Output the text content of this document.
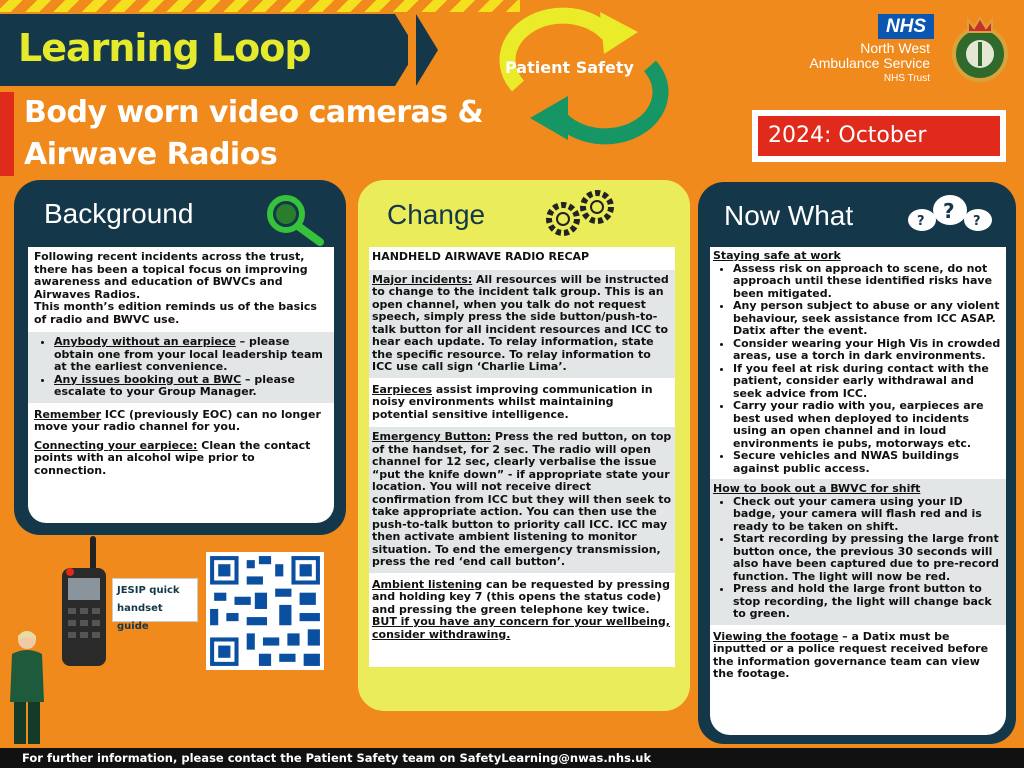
Learning Loop
Body worn video cameras &
Airwave Radios
Patient Safety
NHS
North West
Ambulance Service
NHS Trust
2024: October
Background

Following recent incidents across the trust, there has been a topical focus on improving awareness and education of BWVCs and Airwaves Radios.
This month’s edition reminds us of the basics of radio and BWVC use.

• Anybody without an earpiece – please obtain one from your local leadership team at the earliest convenience.
• Any issues booking out a BWC – please escalate to your Group Manager.

Remember ICC (previously EOC) can no longer move your radio channel for you.

Connecting your earpiece: Clean the contact points with an alcohol wipe prior to connection.

Change

HANDHELD AIRWAVE RADIO RECAP

Major incidents: All resources will be instructed to change to the incident talk group. This is an open channel, when you talk do not request speech, simply press the side button/push-to-talk button for all incident resources and ICC to hear each update. To relay information, state the specific resource. To relay information to ICC use call sign ‘Charlie Lima’.

Earpieces assist improving communication in noisy environments whilst maintaining potential sensitive intelligence.

Emergency Button: Press the red button, on top of the handset, for 2 sec. The radio will open channel for 12 sec, clearly verbalise the issue “put the knife down” - if appropriate state your location. You will not receive direct confirmation from ICC but they will then seek to take appropriate action. You can then use the push-to-talk button to priority call ICC. ICC may then activate ambient listening to monitor situation. To end the emergency transmission, press the red ‘end call button’.

Ambient listening can be requested by pressing and holding key 7 (this opens the status code) and pressing the green telephone key twice.
BUT if you have any concern for your wellbeing, consider withdrawing.

Now What	? ? ?
Staying safe at work
• Assess risk on approach to scene, do not approach until these identified risks have been mitigated.
• Any person subject to abuse or any violent behaviour, seek assistance from ICC ASAP. Datix after the event.
• Consider wearing your High Vis in crowded areas, use a torch in dark environments.
• If you feel at risk during contact with the patient, consider early withdrawal and seek advice from ICC.
• Carry your radio with you, earpieces are best used when deployed to incidents using an open channel and in loud environments ie pubs, motorways etc.
• Secure vehicles and NWAS buildings against public access.
How to book out a BWVC for shift
• Check out your camera using your ID badge, your camera will flash red and is ready to be taken on shift.
• Start recording by pressing the large front button once, the previous 30 seconds will also have been captured due to pre-record function. The light will now be red.
• Press and hold the large front button to stop recording, the light will change back to green.

Viewing the footage – a Datix must be inputted or a police request received before the information governance team can view the footage.

JESIP quick handset guide
For further information, please contact the Patient Safety team on SafetyLearning@nwas.nhs.uk
